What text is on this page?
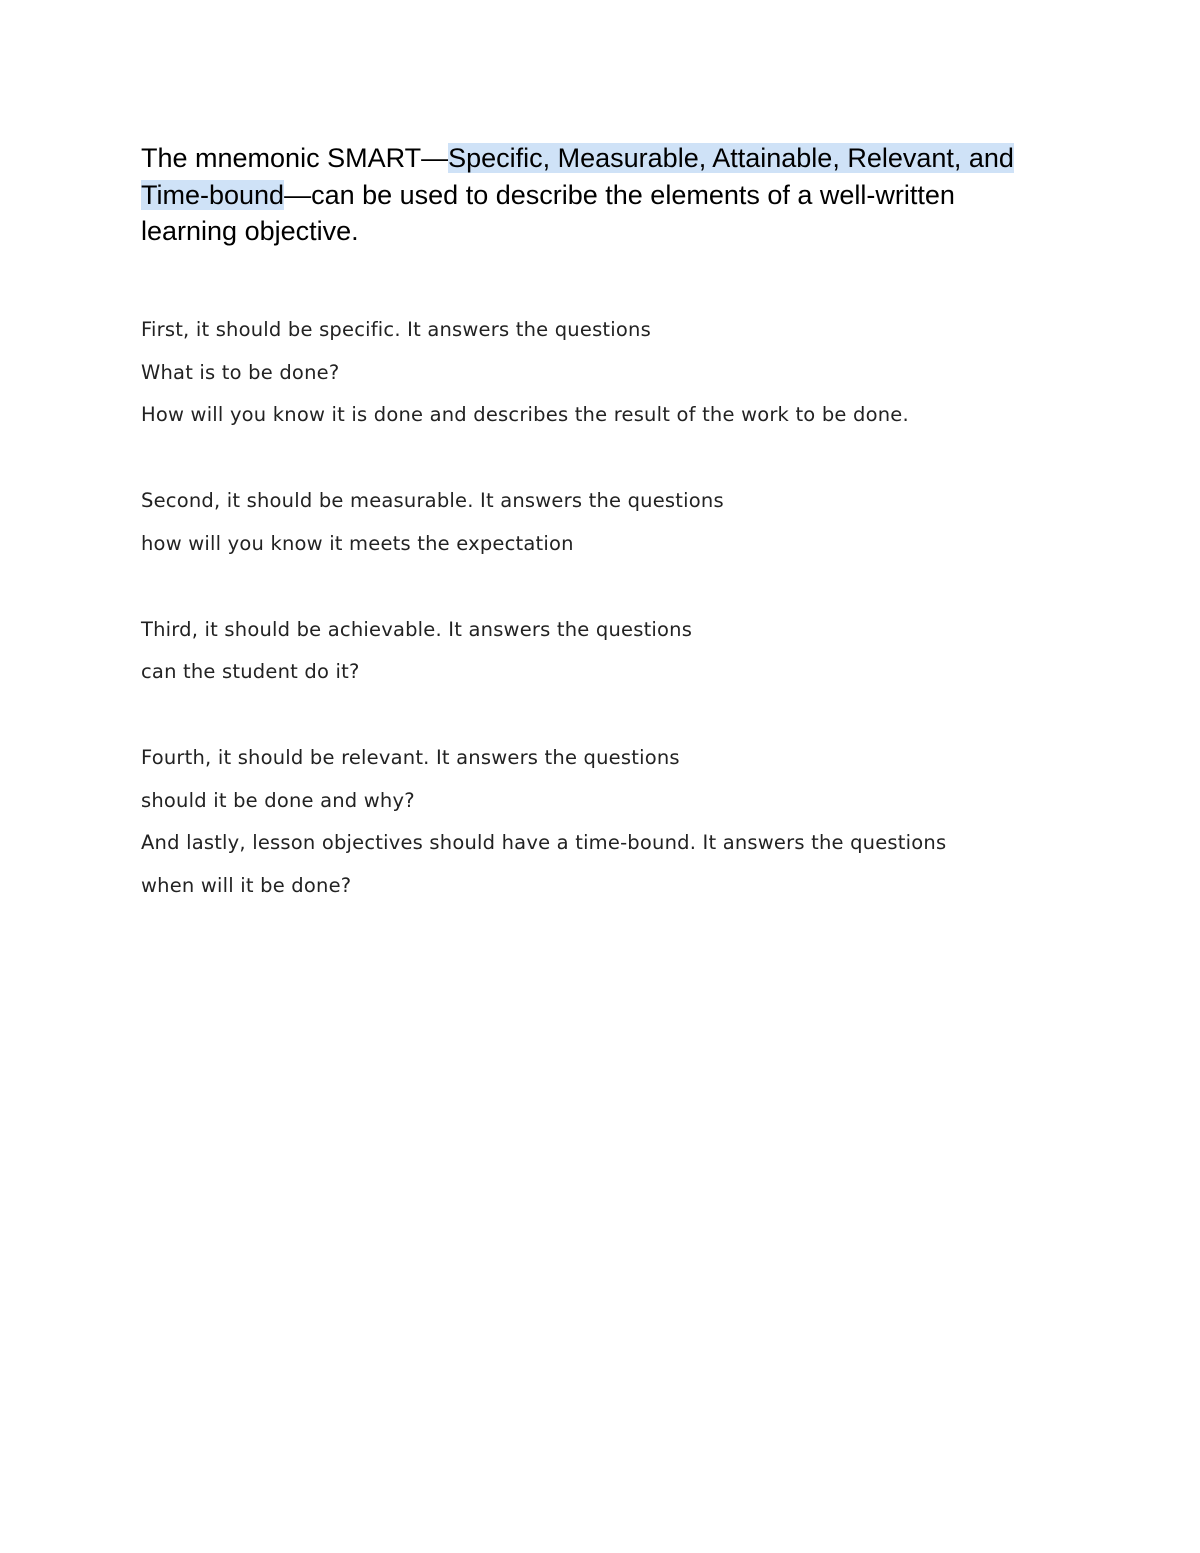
The mnemonic SMART—Specific, Measurable, Attainable, Relevant, and Time-bound—can be used to describe the elements of a well-written learning objective.

First, it should be specific. It answers the questions

What is to be done?

How will you know it is done and describes the result of the work to be done.

Second, it should be measurable. It answers the questions

how will you know it meets the expectation

Third, it should be achievable. It answers the questions

can the student do it?

Fourth, it should be relevant. It answers the questions

should it be done and why?

And lastly, lesson objectives should have a time-bound. It answers the questions

when will it be done?
